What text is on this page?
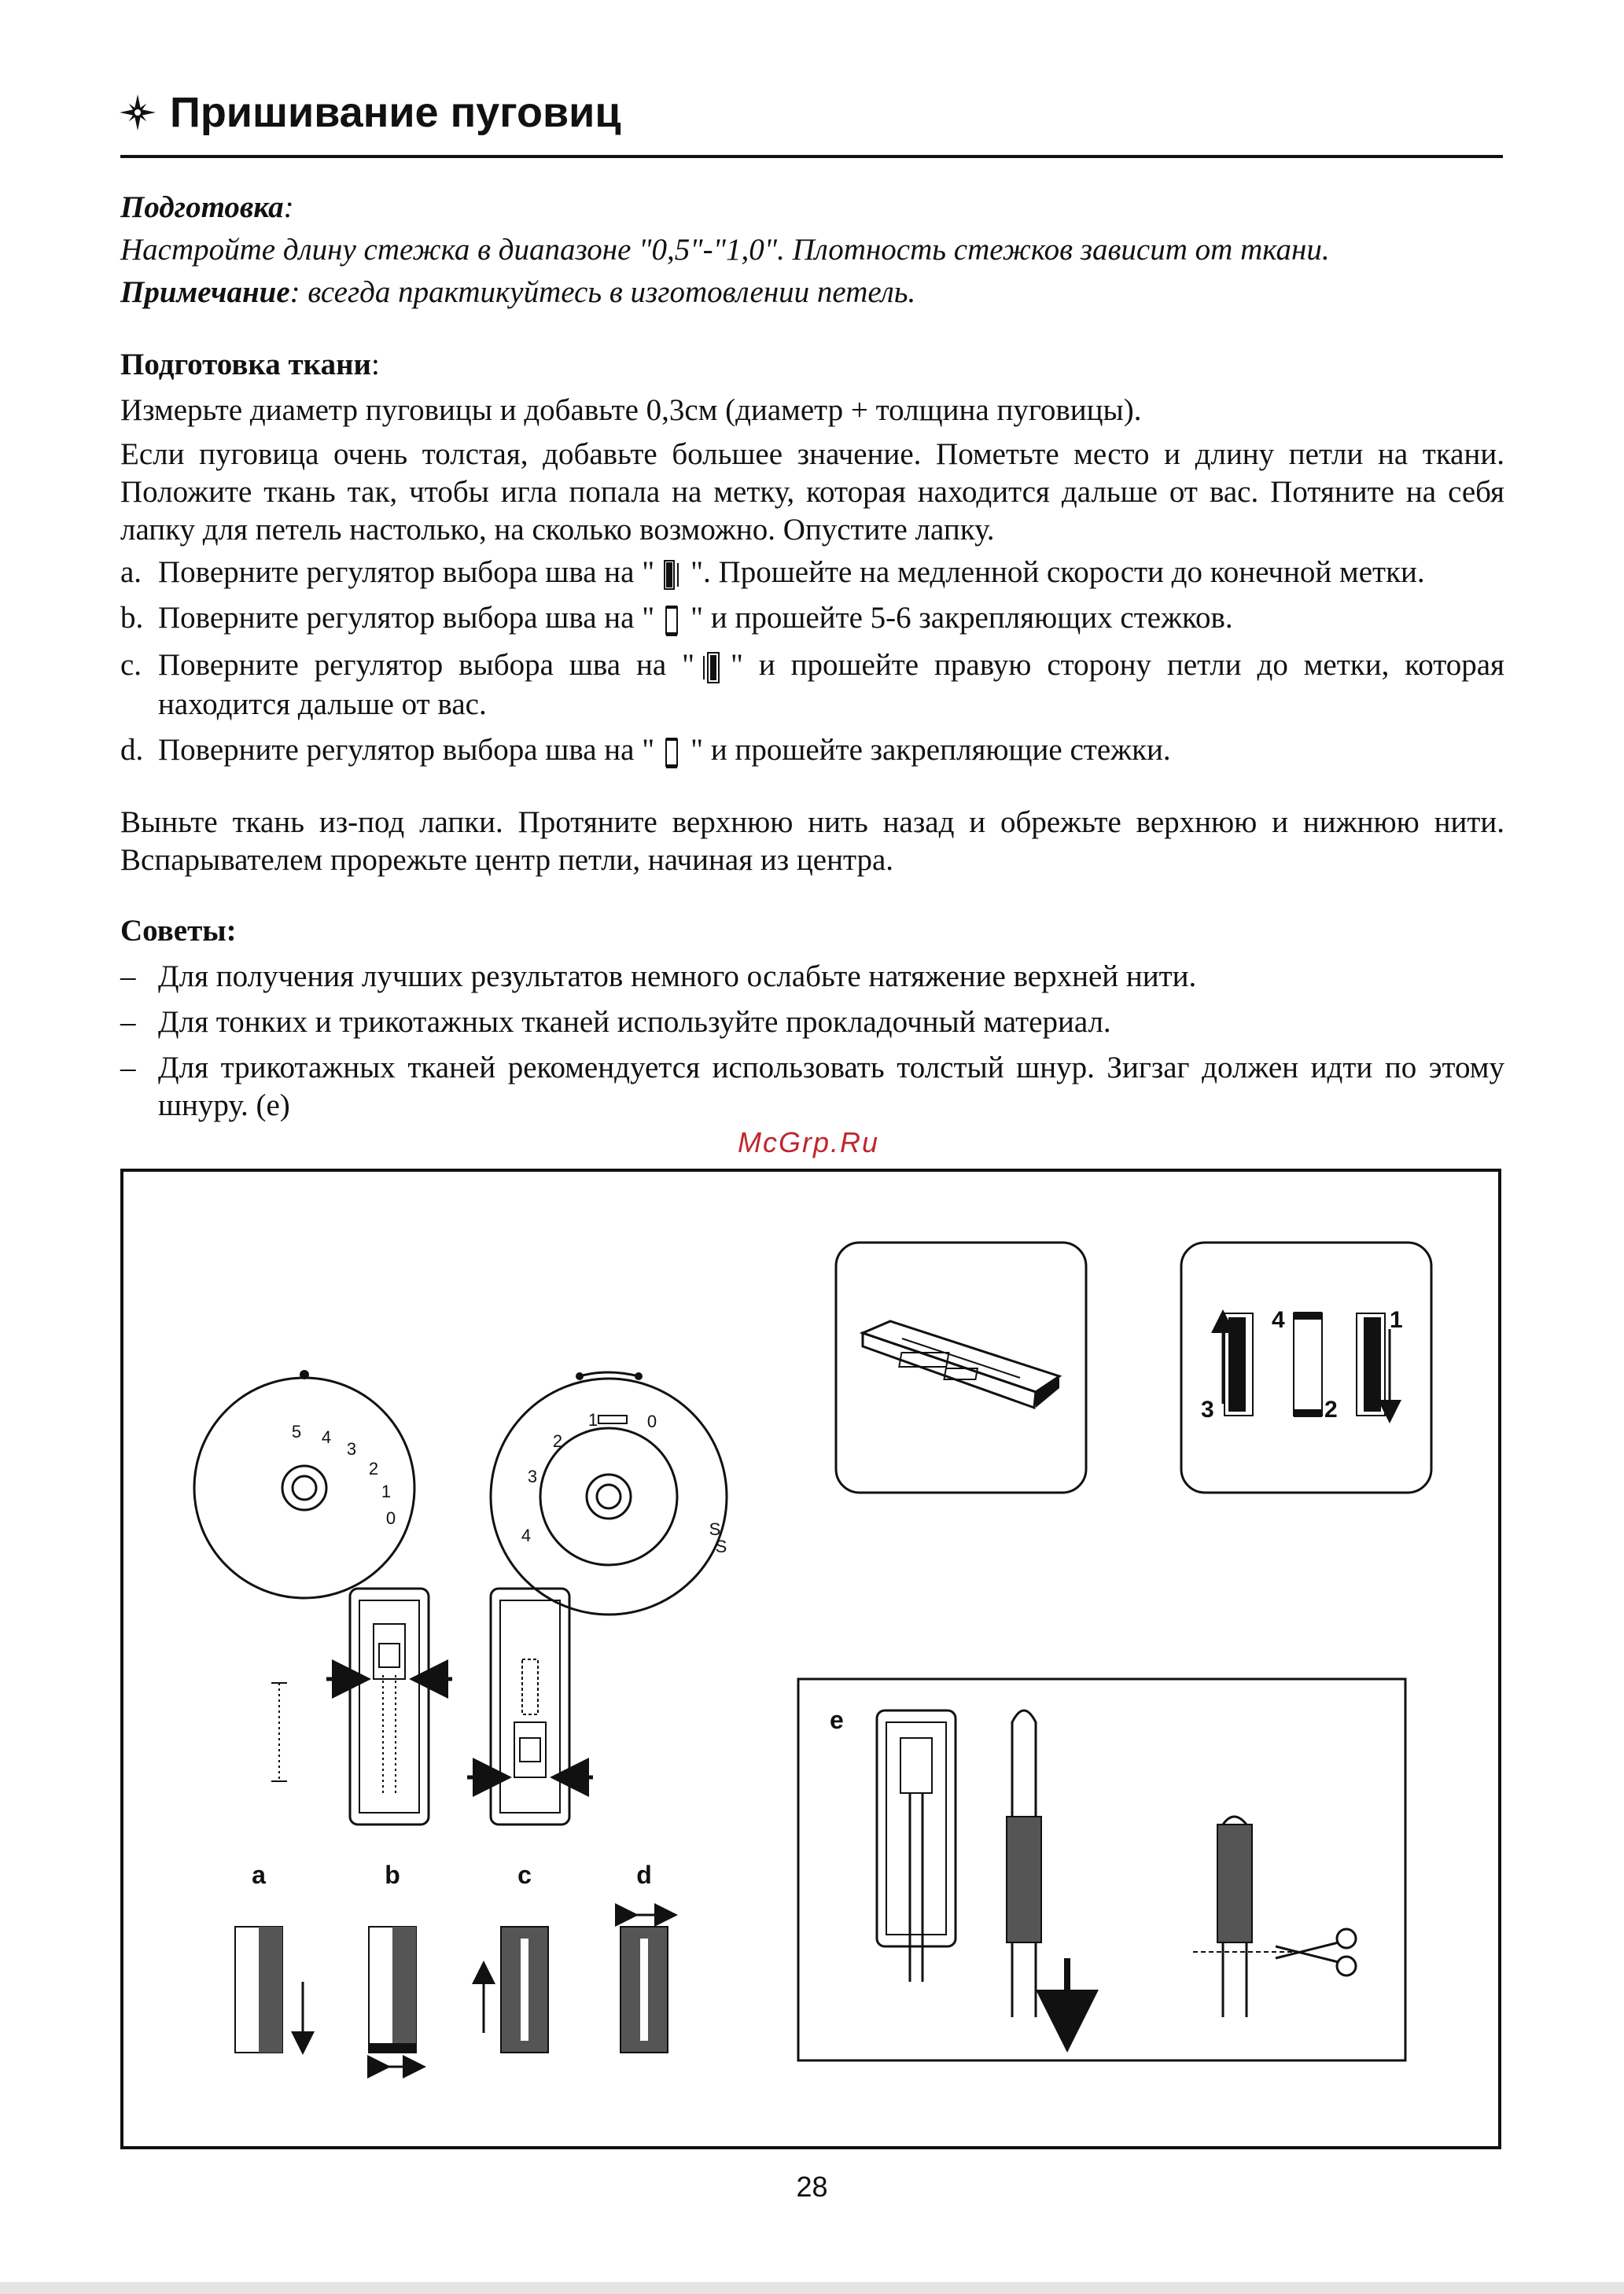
Пришивание пуговиц
Подготовка:
Настройте длину стежка в диапазоне "0,5"-"1,0". Плотность стежков зависит от ткани.
Примечание: всегда практикуйтесь в изготовлении петель.
Подготовка ткани:
Измерьте диаметр пуговицы и добавьте 0,3см (диаметр + толщина пуговицы).
Если пуговица очень толстая, добавьте большее значение. Пометьте место и длину петли на ткани. Положите ткань так, чтобы игла попала на метку, которая находится дальше от вас. Потяните на себя лапку для петель настолько, на сколько возможно. Опустите лапку.
a. Поверните регулятор выбора шва на " ". Прошейте на медленной скорости до конечной метки.
b. Поверните регулятор выбора шва на " " и прошейте 5-6 закрепляющих стежков.
c. Поверните регулятор выбора шва на " " и прошейте правую сторону петли до метки, которая находится дальше от вас.
d. Поверните регулятор выбора шва на " " и прошейте закрепляющие стежки.
Выньте ткань из-под лапки. Протяните верхнюю нить назад и обрежьте верхнюю и нижнюю нити. Вспарывателем прорежьте центр петли, начиная из центра.
Советы:
– Для получения лучших результатов немного ослабьте натяжение верхней нити.
– Для тонких и трикотажных тканей используйте прокладочный материал.
– Для трикотажных тканей рекомендуется использовать толстый шнур. Зигзаг должен идти по этому шнуру. (e)
McGrp.Ru
5 4
3
2
1
0
1	0
2
3
4	S
S
4	1
3	2
a	b	c	d
e
28
